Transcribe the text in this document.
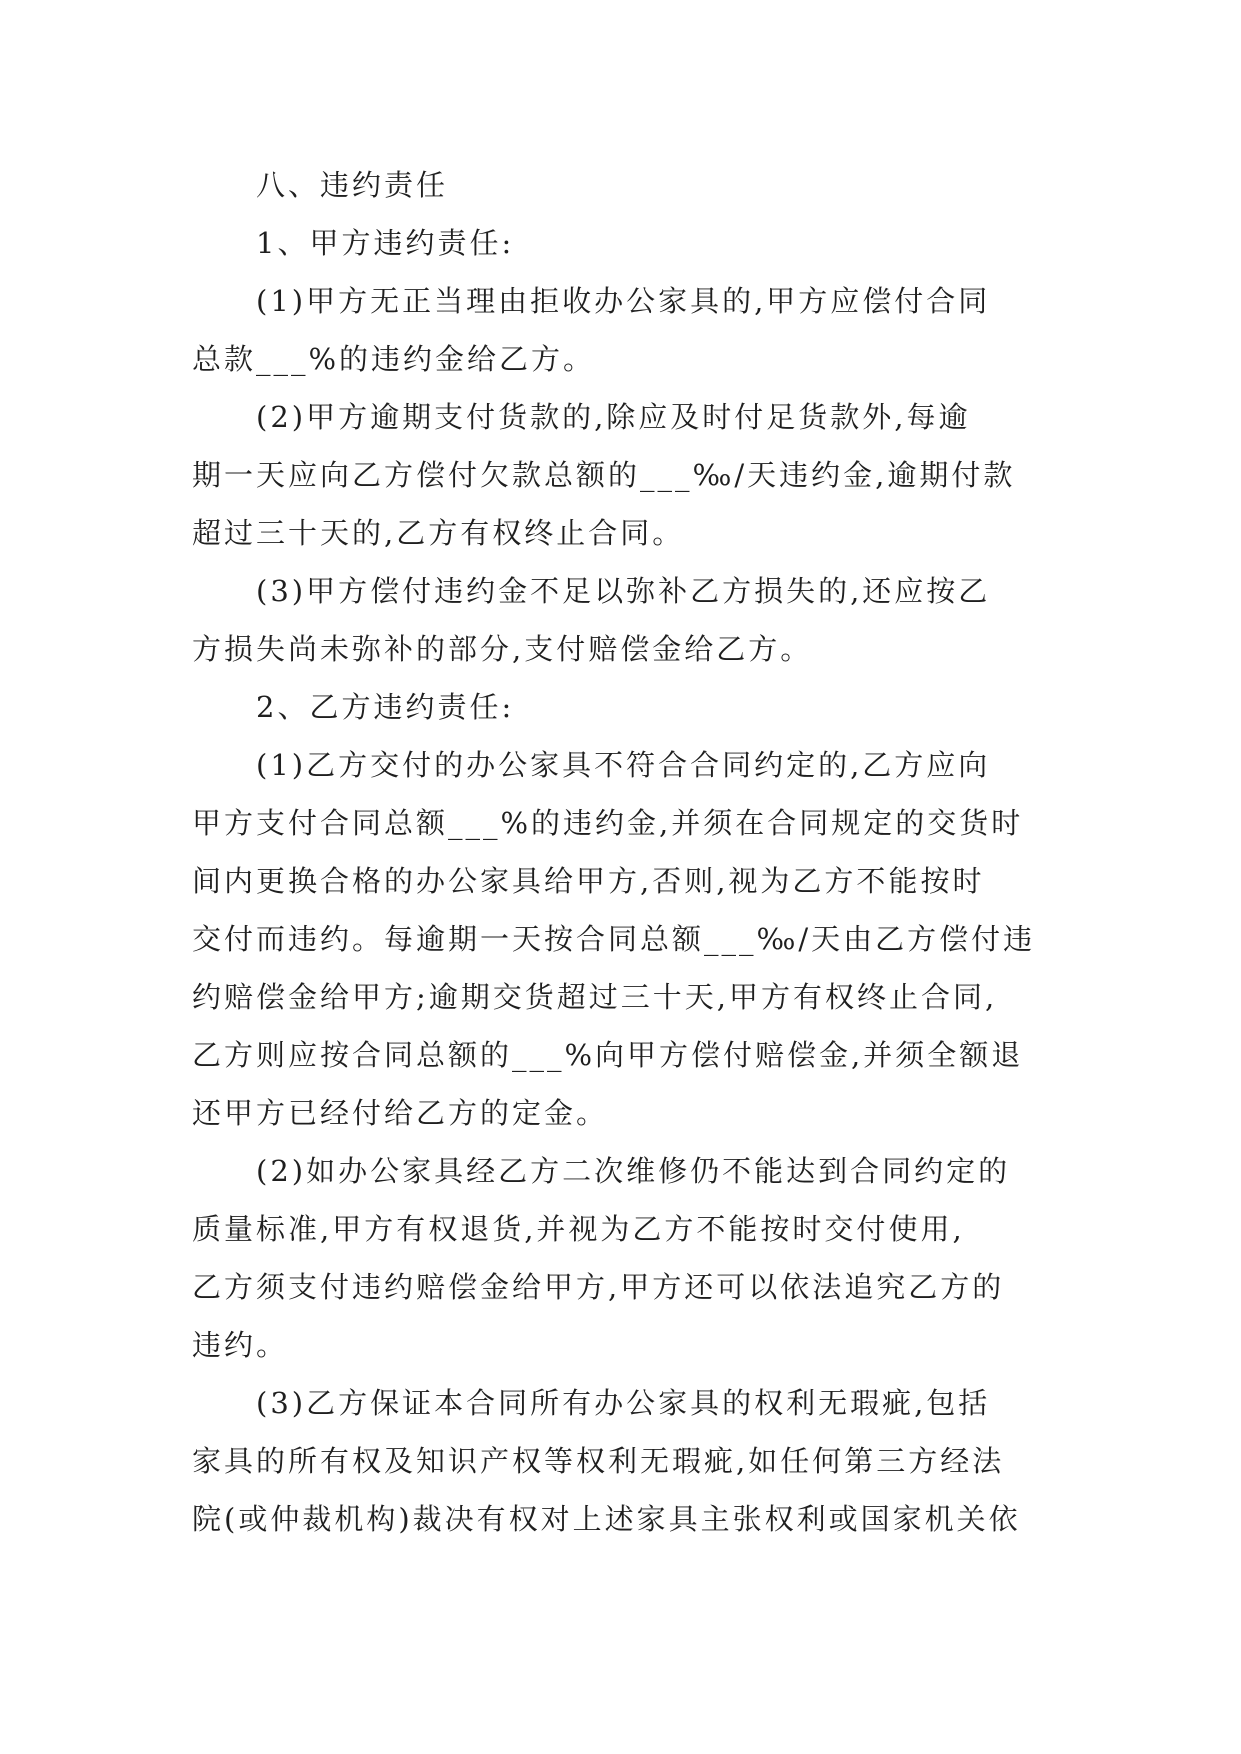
八、违约责任
1、甲方违约责任:
(1)甲方无正当理由拒收办公家具的,甲方应偿付合同
总款___%的违约金给乙方。
(2)甲方逾期支付货款的,除应及时付足货款外,每逾
期一天应向乙方偿付欠款总额的___‰/天违约金,逾期付款
超过三十天的,乙方有权终止合同。
(3)甲方偿付违约金不足以弥补乙方损失的,还应按乙
方损失尚未弥补的部分,支付赔偿金给乙方。
2、乙方违约责任:
(1)乙方交付的办公家具不符合合同约定的,乙方应向
甲方支付合同总额___%的违约金,并须在合同规定的交货时
间内更换合格的办公家具给甲方,否则,视为乙方不能按时
交付而违约。每逾期一天按合同总额___‰/天由乙方偿付违
约赔偿金给甲方;逾期交货超过三十天,甲方有权终止合同,
乙方则应按合同总额的___%向甲方偿付赔偿金,并须全额退
还甲方已经付给乙方的定金。
(2)如办公家具经乙方二次维修仍不能达到合同约定的
质量标准,甲方有权退货,并视为乙方不能按时交付使用,
乙方须支付违约赔偿金给甲方,甲方还可以依法追究乙方的
违约。
(3)乙方保证本合同所有办公家具的权利无瑕疵,包括
家具的所有权及知识产权等权利无瑕疵,如任何第三方经法
院(或仲裁机构)裁决有权对上述家具主张权利或国家机关依
